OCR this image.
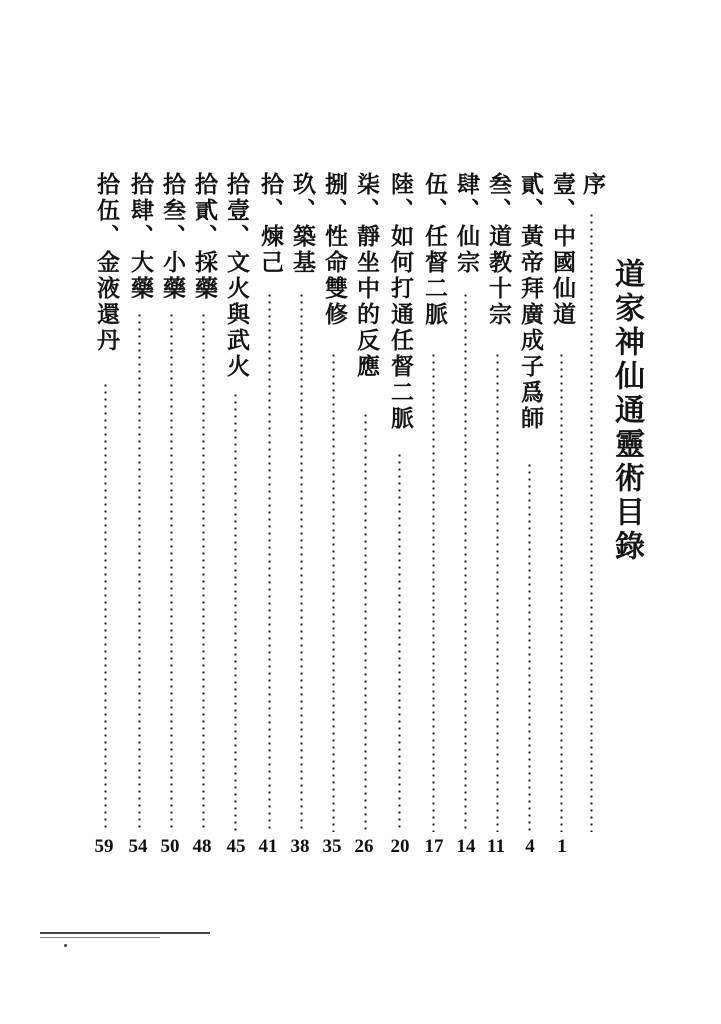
道家神仙通靈術目錄
序
壹、中國仙道
1
貳、黃帝拜廣成子爲師
4
叁、道教十宗
11
肆、仙宗
14
伍、任督二脈
17
陸、如何打通任督二脈
20
柒、靜坐中的反應
26
捌、性命雙修
35
玖、築基
38
拾、煉己
41
拾壹、文火與武火
45
拾貳、採藥
48
拾叁、小藥
50
拾肆、大藥
54
拾伍、金液還丹
59
